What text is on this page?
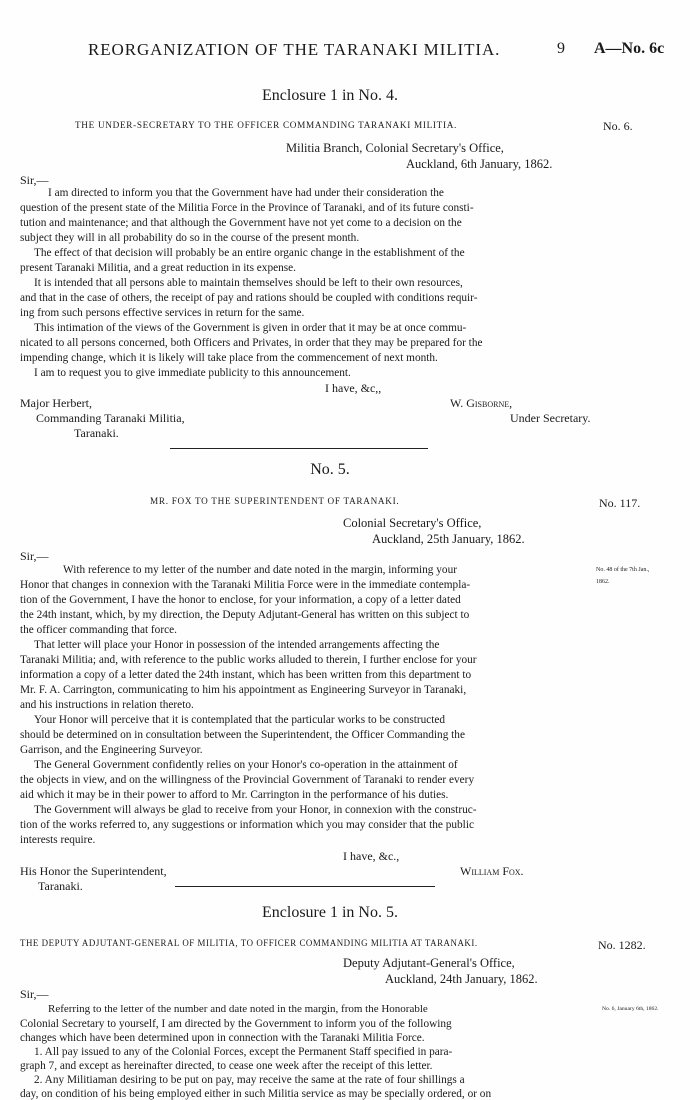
REORGANIZATION OF THE TARANAKI MILITIA.	9 A—No. 6c
Enclosure 1 in No. 4.
THE UNDER-SECRETARY TO THE OFFICER COMMANDING TARANAKI MILITIA.	No. 6.
Militia Branch, Colonial Secretary's Office,
Auckland, 6th January, 1862.
Sir,—
I am directed to inform you that the Government have had under their consideration the
question of the present state of the Militia Force in the Province of Taranaki, and of its future consti-
tution and maintenance; and that although the Government have not yet come to a decision on the
subject they will in all probability do so in the course of the present month.
The effect of that decision will probably be an entire organic change in the establishment of the
present Taranaki Militia, and a great reduction in its expense.
It is intended that all persons able to maintain themselves should be left to their own resources,
and that in the case of others, the receipt of pay and rations should be coupled with conditions requir-
ing from such persons effective services in return for the same.
This intimation of the views of the Government is given in order that it may be at once commu-
nicated to all persons concerned, both Officers and Privates, in order that they may be prepared for the
impending change, which it is likely will take place from the commencement of next month.
I am to request you to give immediate publicity to this announcement.
I have, &c,,
Major Herbert,	W. Gisborne,
Commanding Taranaki Militia,	Under Secretary.
Taranaki.
No. 5.
MR. FOX TO THE SUPERINTENDENT OF TARANAKI.	No. 117.
Colonial Secretary's Office,
Auckland, 25th January, 1862.
Sir,—
With reference to my letter of the number and date noted in the margin, informing your	No. 48 of the 7th Jan.,
Honor that changes in connexion with the Taranaki Militia Force were in the immediate contempla-	1862.
tion of the Government, I have the honor to enclose, for your information, a copy of a letter dated
the 24th instant, which, by my direction, the Deputy Adjutant-General has written on this subject to
the officer commanding that force.
That letter will place your Honor in possession of the intended arrangements affecting the
Taranaki Militia; and, with reference to the public works alluded to therein, I further enclose for your
information a copy of a letter dated the 24th instant, which has been written from this department to
Mr. F. A. Carrington, communicating to him his appointment as Engineering Surveyor in Taranaki,
and his instructions in relation thereto.
Your Honor will perceive that it is contemplated that the particular works to be constructed
should be determined on in consultation between the Superintendent, the Officer Commanding the
Garrison, and the Engineering Surveyor.
The General Government confidently relies on your Honor's co-operation in the attainment of
the objects in view, and on the willingness of the Provincial Government of Taranaki to render every
aid which it may be in their power to afford to Mr. Carrington in the performance of his duties.
The Government will always be glad to receive from your Honor, in connexion with the construc-
tion of the works referred to, any suggestions or information which you may consider that the public
interests require.
I have, &c.,
His Honor the Superintendent,	William Fox.
Taranaki.
Enclosure 1 in No. 5.
THE DEPUTY ADJUTANT-GENERAL OF MILITIA, TO OFFICER COMMANDING MILITIA AT TARANAKI.	No. 1282.
Deputy Adjutant-General's Office,
Auckland, 24th January, 1862.
Sir,—
Referring to the letter of the number and date noted in the margin, from the Honorable	No. 6, January 6th, 1862.
Colonial Secretary to yourself, I am directed by the Government to inform you of the following
changes which have been determined upon in connection with the Taranaki Militia Force.
1. All pay issued to any of the Colonial Forces, except the Permanent Staff specified in para-
graph 7, and except as hereinafter directed, to cease one week after the receipt of this letter.
2. Any Militiaman desiring to be put on pay, may receive the same at the rate of four shillings a
day, on condition of his being employed either in such Militia service as may be specially ordered, or on
